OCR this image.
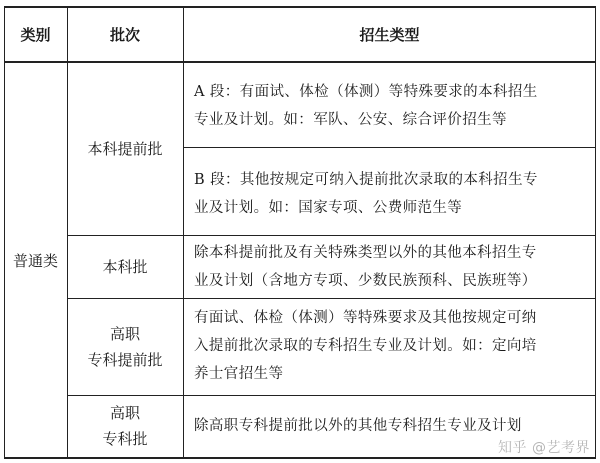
类别	批次	招生类型
普通类
本科提前批
A 段：有面试、体检（体测）等特殊要求的本科招生
专业及计划。如：军队、公安、综合评价招生等
B 段：其他按规定可纳入提前批次录取的本科招生专
业及计划。如：国家专项、公费师范生等
本科批
除本科提前批及有关特殊类型以外的其他本科招生专
业及计划（含地方专项、少数民族预科、民族班等）
高职
专科提前批
有面试、体检（体测）等特殊要求及其他按规定可纳
入提前批次录取的专科招生专业及计划。如：定向培
养士官招生等
高职
专科批
除高职专科提前批以外的其他专科招生专业及计划
知乎 @艺考界
